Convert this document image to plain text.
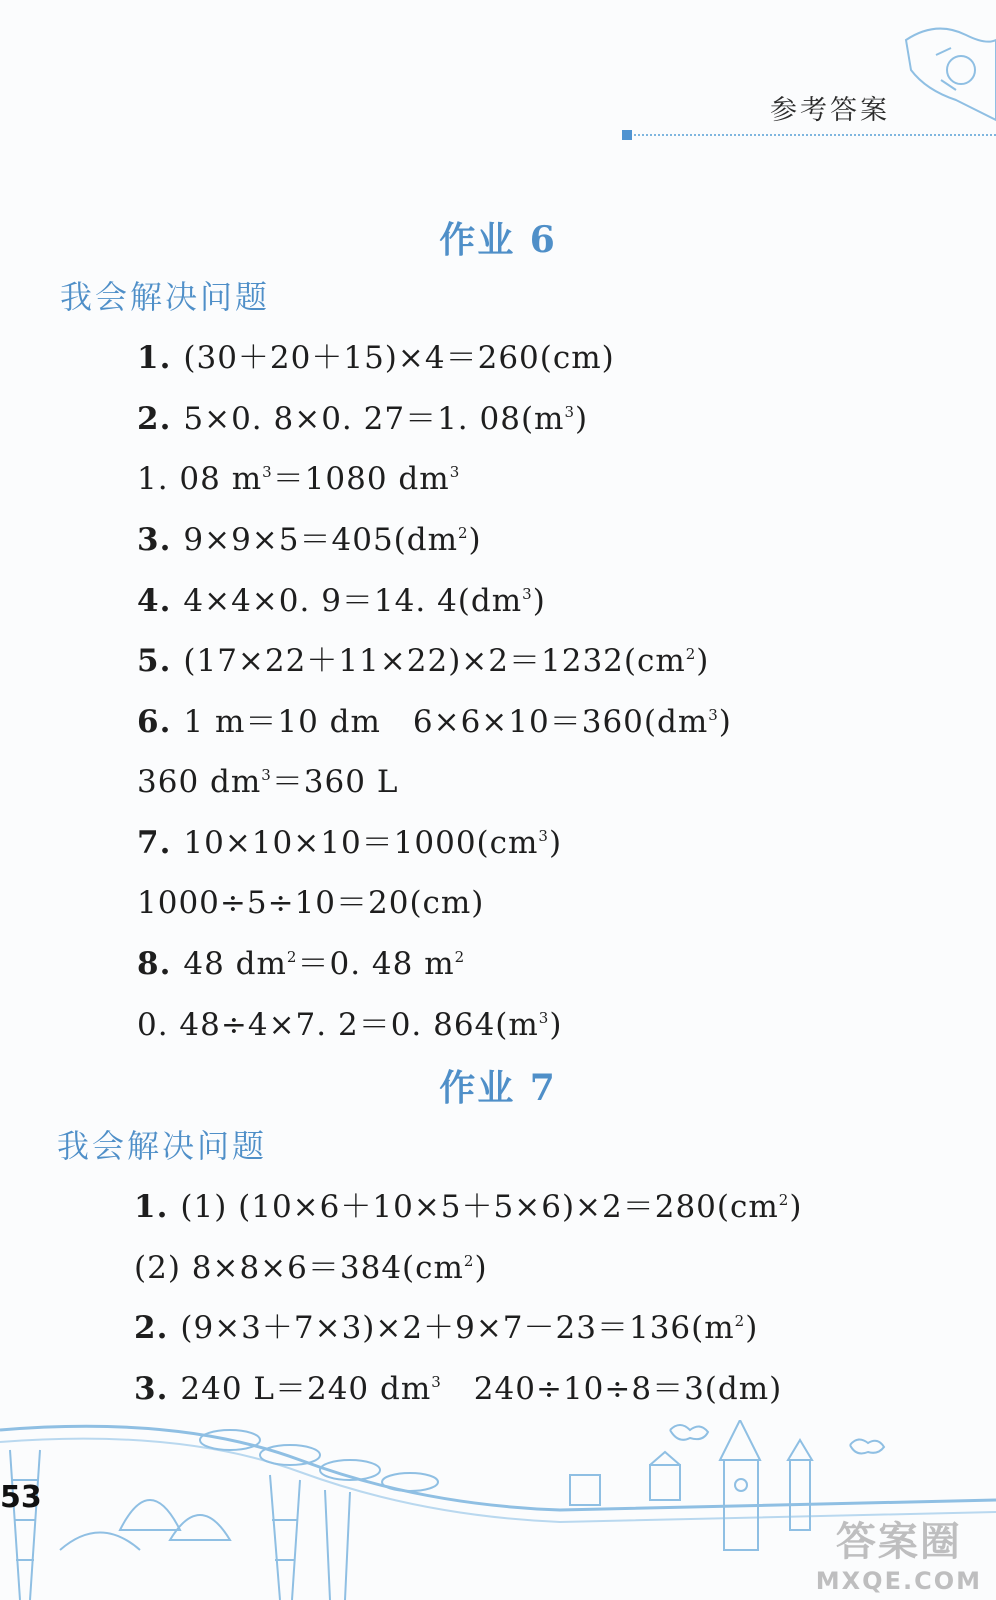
参考答案
作业 6
我会解决问题
1. (30＋20＋15)×4＝260(cm)
2. 5×0. 8×0. 27＝1. $08(m^3)$
1. 08 $m^3=1080$ $dm^3$
3. $9\times 9\times 5=405(dm^2)$
4. 4×4×0. 9＝14. $4(dm^3)$
5. $(17\times 22+11\times 22)\times 2=1232(cm^2)$
6. 1 m＝10 dm　$6\times 6\times 10=360(dm^3)$
360 $dm^3=360$ L
7. $10\times 10\times 10=1000(cm^3)$
1000÷5÷10＝20(cm)
8. 48 $dm^2=0$. 48 $m^2$
0. 48÷4×7. 2＝0. $864(m^3)$
作业 7
我会解决问题
1. (1) $(10\times 6+10\times 5+5\times 6)\times 2=280(cm^2)$
(2) $8\times 8\times 6=384(cm^2)$
2. $(9\times 3+7\times 3)\times 2+9\times 7-23=136(m^2)$
3. 240 L＝240 $dm^3$　240÷10÷8＝3(dm)
53
答案圈
MXQE.COM
